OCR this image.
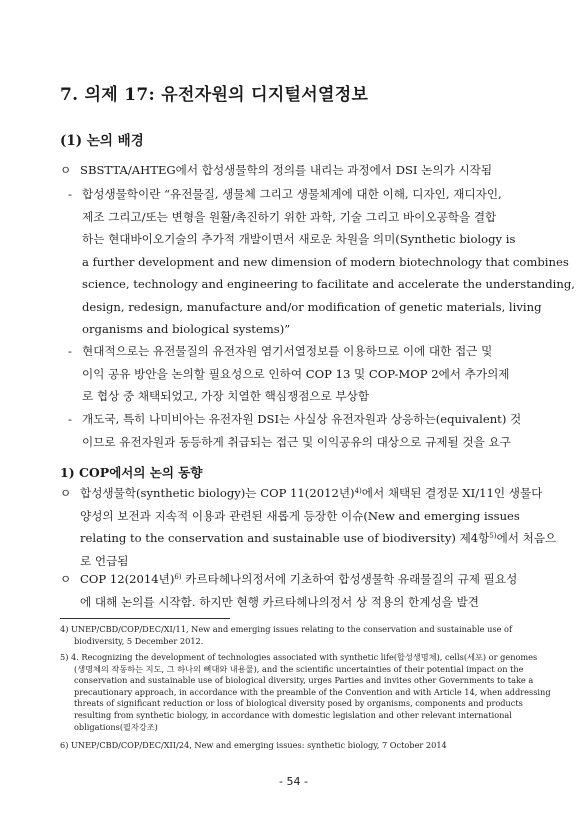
7. 의제 17: 유전자원의 디지털서열정보
(1) 논의 배경
ㅇ SBSTTA/AHTEG에서 합성생물학의 정의를 내리는 과정에서 DSI 논의가 시작됨
- 합성생물학이란 “유전물질, 생물체 그리고 생물체계에 대한 이해, 디자인, 재디자인,
제조 그리고/또는 변형을 원활/촉진하기 위한 과학, 기술 그리고 바이오공학을 결합
하는 현대바이오기술의 추가적 개발이면서 새로운 차원을 의미(Synthetic biology is
a further development and new dimension of modern biotechnology that combines
science, technology and engineering to facilitate and accelerate the understanding,
design, redesign, manufacture and/or modification of genetic materials, living
organisms and biological systems)”
- 현대적으로는 유전물질의 유전자원 염기서열정보를 이용하므로 이에 대한 접근 및
이익 공유 방안을 논의할 필요성으로 인하여 COP 13 및 COP-MOP 2에서 추가의제
로 협상 중 채택되었고, 가장 치열한 핵심쟁점으로 부상함
- 개도국, 특히 나미비아는 유전자원 DSI는 사실상 유전자원과 상응하는(equivalent) 것
이므로 유전자원과 동등하게 취급되는 접근 및 이익공유의 대상으로 규제될 것을 요구
1) COP에서의 논의 동향
ㅇ 합성생물학(synthetic biology)는 COP 11(2012년)$^{4)}$에서 채택된 결정문 XI/11인 생물다
양성의 보전과 지속적 이용과 관련된 새롭게 등장한 이슈(New and emerging issues
relating to the conservation and sustainable use of biodiversity) 제4항$^{5)}$에서 처음으
로 언급됨
ㅇ COP 12(2014년)$^{6)}$ 카르타헤나의정서에 기초하여 합성생물학 유래물질의 규제 필요성
에 대해 논의를 시작함. 하지만 현행 카르타헤나의정서 상 적용의 한계성을 발견
4) UNEP/CBD/COP/DEC/XI/11, New and emerging issues relating to the conservation and sustainable use of
biodiversity, 5 December 2012.
5) 4. Recognizing the development of technologies associated with synthetic life(합성생명체), cells(세포) or genomes
(생명체의 작동하는 지도, 그 하나의 뼈대와 내용물), and the scientific uncertainties of their potential impact on the
conservation and sustainable use of biological diversity, urges Parties and invites other Governments to take a
precautionary approach, in accordance with the preamble of the Convention and with Article 14, when addressing
threats of significant reduction or loss of biological diversity posed by organisms, components and products
resulting from synthetic biology, in accordance with domestic legislation and other relevant international
obligations(필자강조)
6) UNEP/CBD/COP/DEC/XII/24, New and emerging issues: synthetic biology, 7 October 2014
- 54 -
